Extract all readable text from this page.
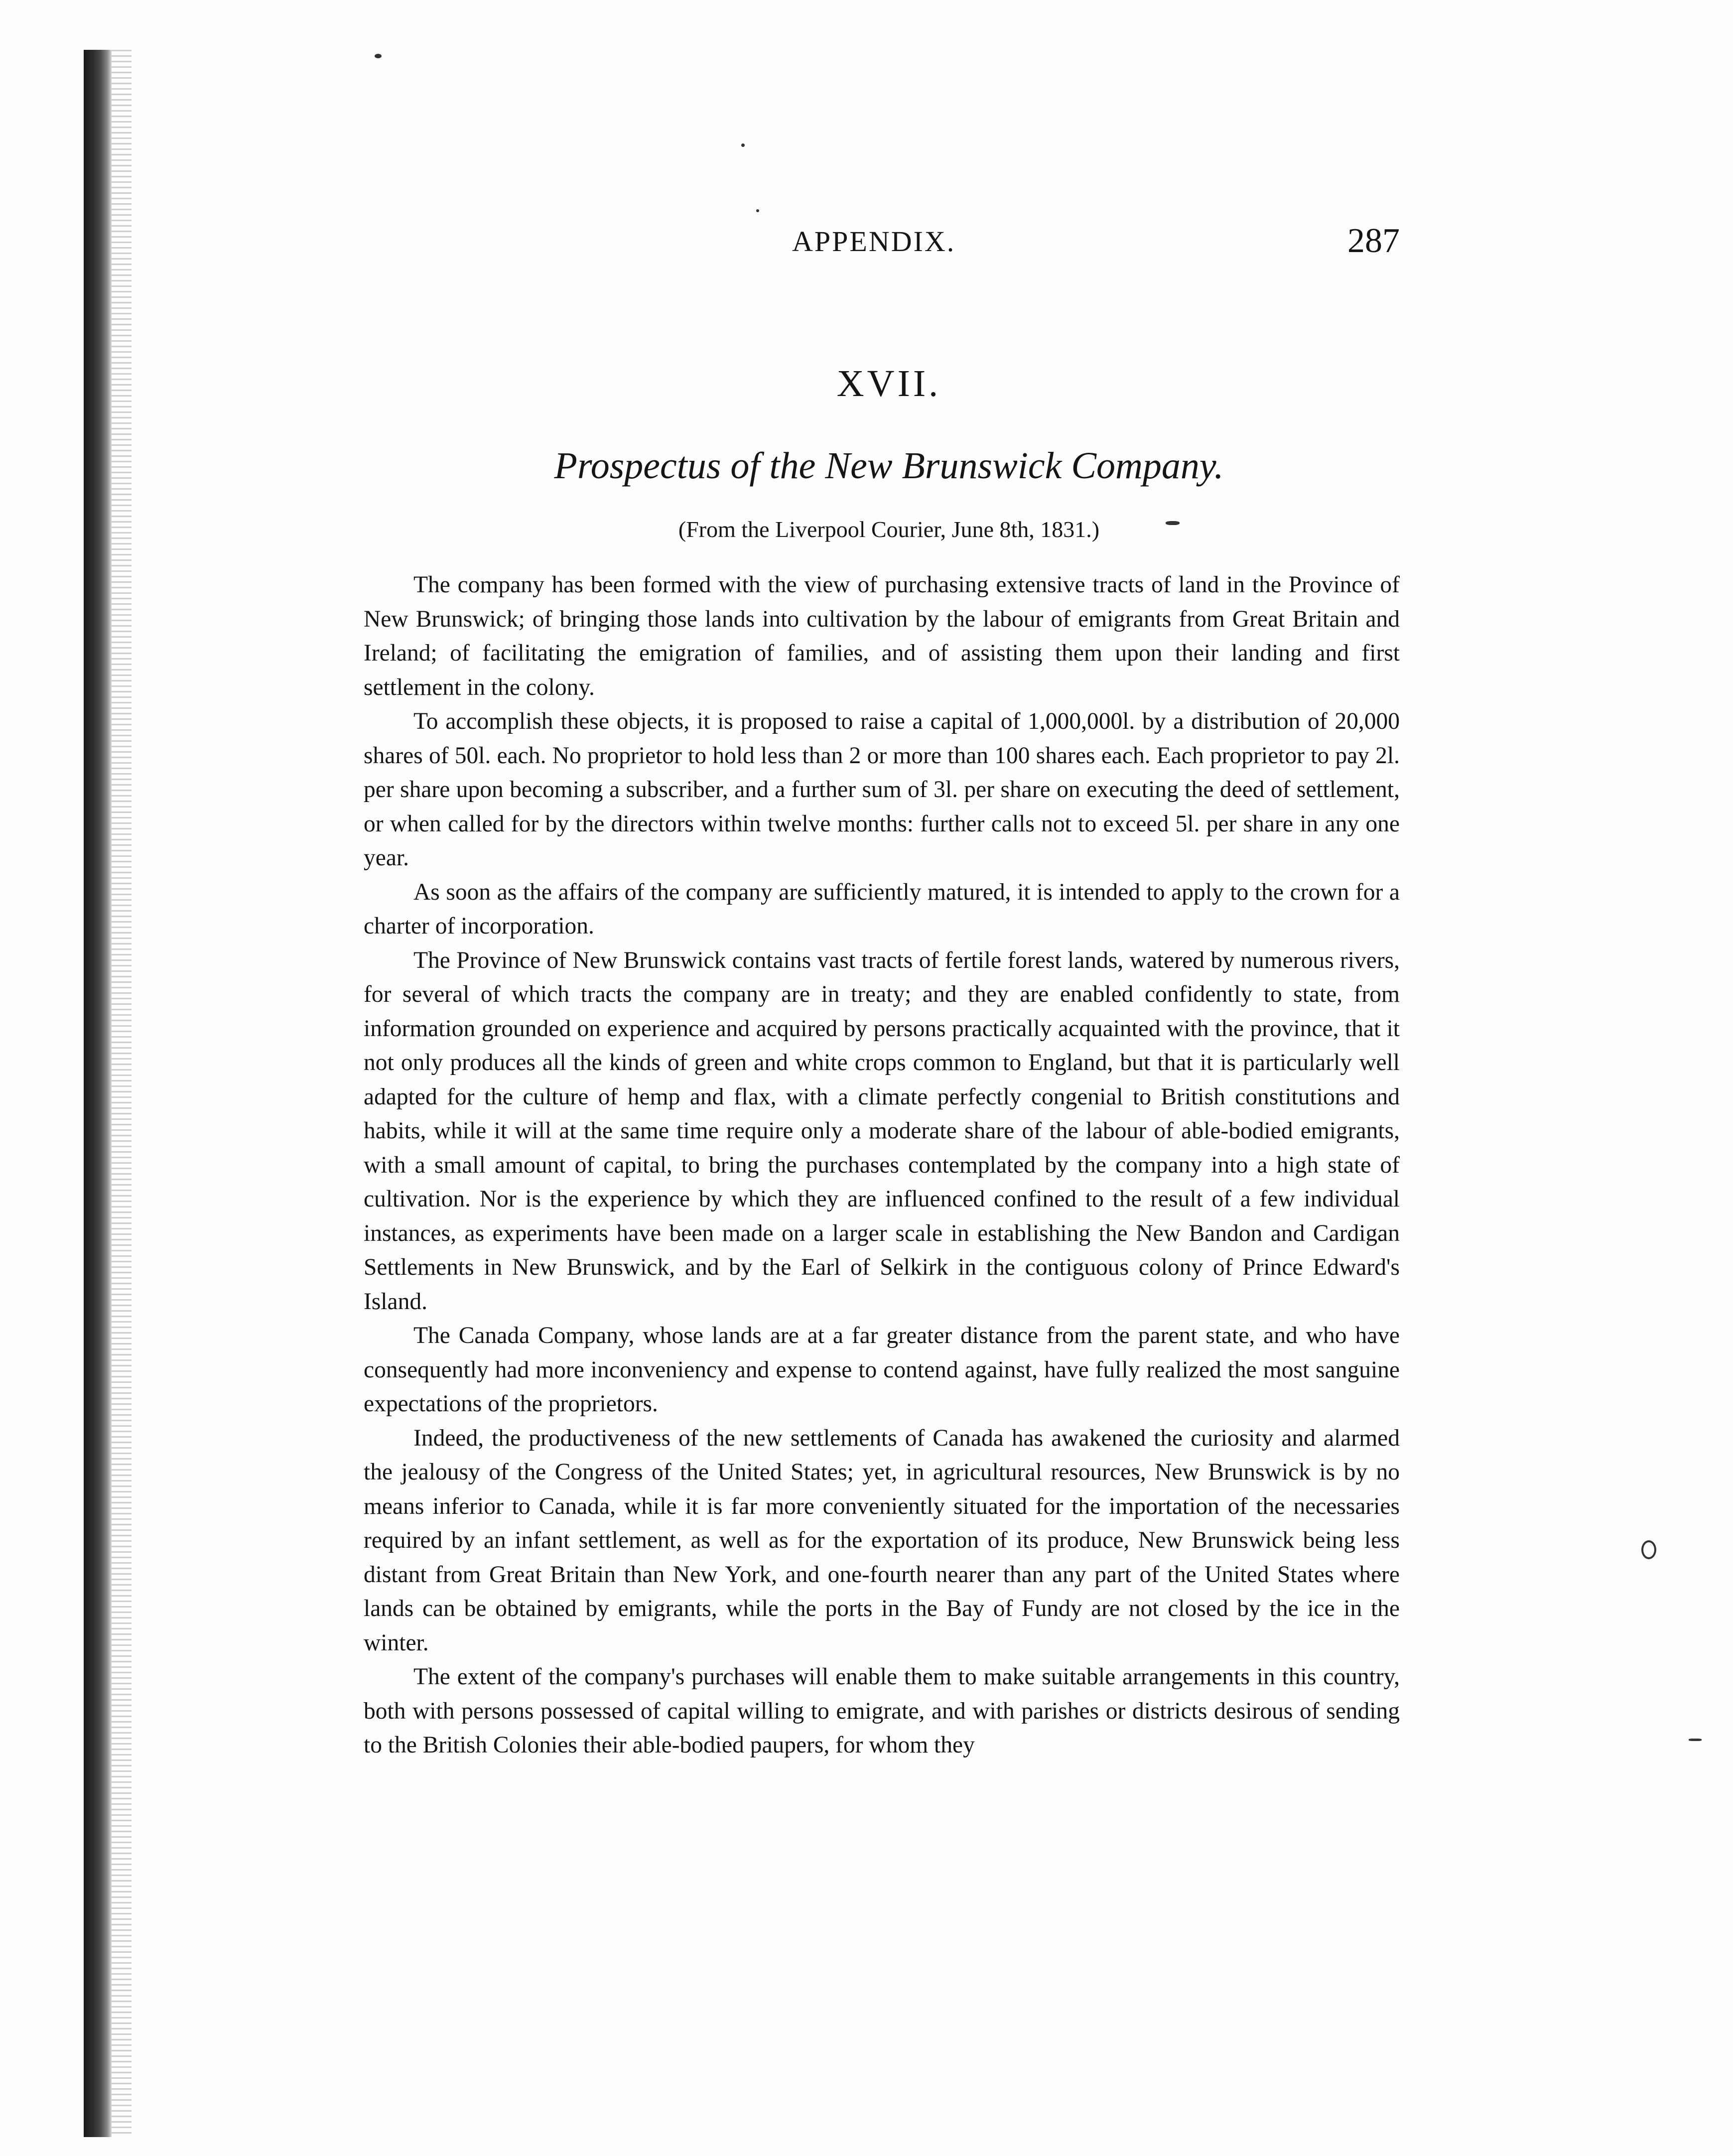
APPENDIX.	287
XVII.
Prospectus of the New Brunswick Company.
(From the Liverpool Courier, June 8th, 1831.)

The company has been formed with the view of purchasing extensive tracts of land in the Province of New Brunswick; of bringing those lands into cultivation by the labour of emigrants from Great Britain and Ireland; of facilitating the emigration of families, and of assisting them upon their landing and first settlement in the colony.

To accomplish these objects, it is proposed to raise a capital of 1,000,000l. by a distribution of 20,000 shares of 50l. each. No proprietor to hold less than 2 or more than 100 shares each. Each proprietor to pay 2l. per share upon becoming a subscriber, and a further sum of 3l. per share on executing the deed of settlement, or when called for by the directors within twelve months: further calls not to exceed 5l. per share in any one year.

As soon as the affairs of the company are sufficiently matured, it is intended to apply to the crown for a charter of incorporation.

The Province of New Brunswick contains vast tracts of fertile forest lands, watered by numerous rivers, for several of which tracts the company are in treaty; and they are enabled confidently to state, from information grounded on experience and acquired by persons practically acquainted with the province, that it not only produces all the kinds of green and white crops common to England, but that it is particularly well adapted for the culture of hemp and flax, with a climate perfectly congenial to British constitutions and habits, while it will at the same time require only a moderate share of the labour of able-bodied emigrants, with a small amount of capital, to bring the purchases contemplated by the company into a high state of cultivation. Nor is the experience by which they are influenced confined to the result of a few individual instances, as experiments have been made on a larger scale in establishing the New Bandon and Cardigan Settlements in New Brunswick, and by the Earl of Selkirk in the contiguous colony of Prince Edward's Island.

The Canada Company, whose lands are at a far greater distance from the parent state, and who have consequently had more inconveniency and expense to contend against, have fully realized the most sanguine expectations of the proprietors.

Indeed, the productiveness of the new settlements of Canada has awakened the curiosity and alarmed the jealousy of the Congress of the United States; yet, in agricultural resources, New Brunswick is by no means inferior to Canada, while it is far more conveniently situated for the importation of the necessaries required by an infant settlement, as well as for the exportation of its produce, New Brunswick being less distant from Great Britain than New York, and one-fourth nearer than any part of the United States where lands can be obtained by emigrants, while the ports in the Bay of Fundy are not closed by the ice in the winter.

The extent of the company's purchases will enable them to make suitable arrangements in this country, both with persons possessed of capital willing to emigrate, and with parishes or districts desirous of sending to the British Colonies their able-bodied paupers, for whom they
